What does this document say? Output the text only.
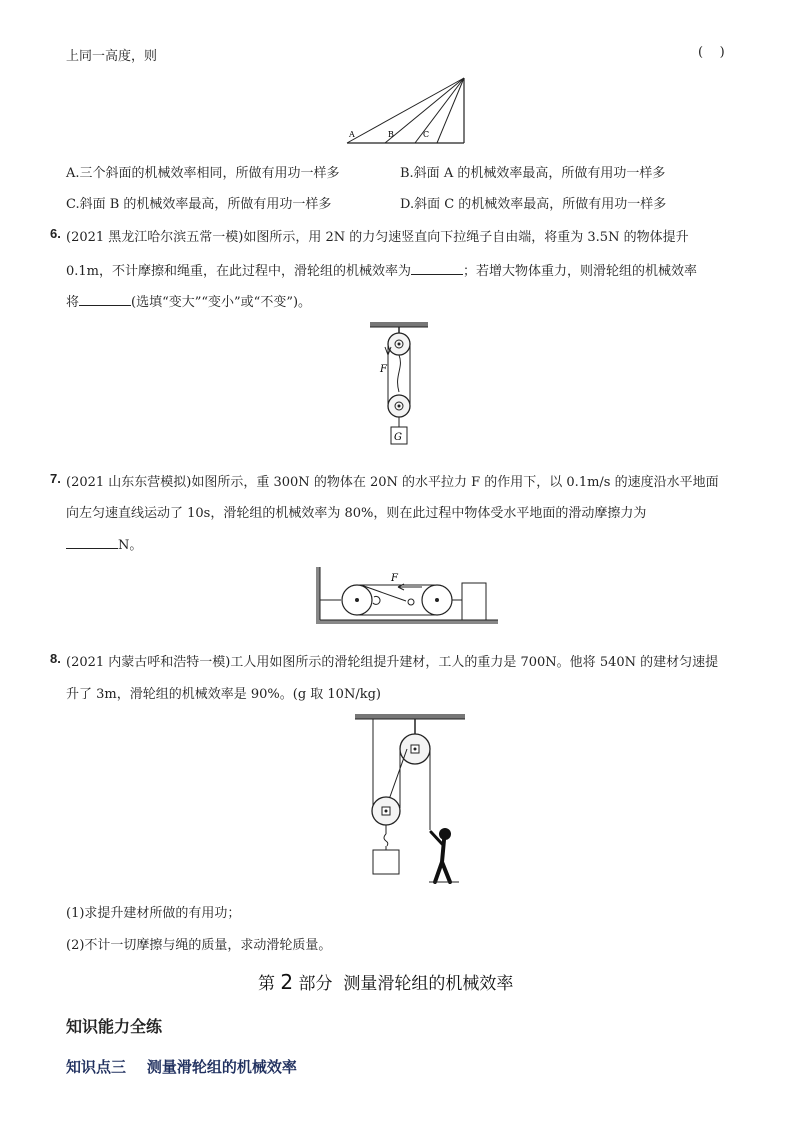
上同一高度，则	(    )
A	B	C
A.三个斜面的机械效率相同，所做有用功一样多	B.斜面 A 的机械效率最高，所做有用功一样多
C.斜面 B 的机械效率最高，所做有用功一样多	D.斜面 C 的机械效率最高，所做有用功一样多
6. (2021 黑龙江哈尔滨五常一模)如图所示，用 2N 的力匀速竖直向下拉绳子自由端，将重为 3.5N 的物体提升
0.1m，不计摩擦和绳重，在此过程中，滑轮组的机械效率为	；若增大物体重力，则滑轮组的机械效率
将	(选填“变大”“变小”或“不变”)。
F
G
7. (2021 山东东营模拟)如图所示，重 300N 的物体在 20N 的水平拉力 F 的作用下，以 0.1m/s 的速度沿水平地面
向左匀速直线运动了 10s，滑轮组的机械效率为 80%，则在此过程中物体受水平地面的滑动摩擦力为
N。
F
8. (2021 内蒙古呼和浩特一模)工人用如图所示的滑轮组提升建材，工人的重力是 700N。他将 540N 的建材匀速提
升了 3m，滑轮组的机械效率是 90%。(g 取 10N/kg)
(1)求提升建材所做的有用功；
(2)不计一切摩擦与绳的质量，求动滑轮质量。
第 2 部分  测量滑轮组的机械效率
知识能力全练
知识点三    测量滑轮组的机械效率
